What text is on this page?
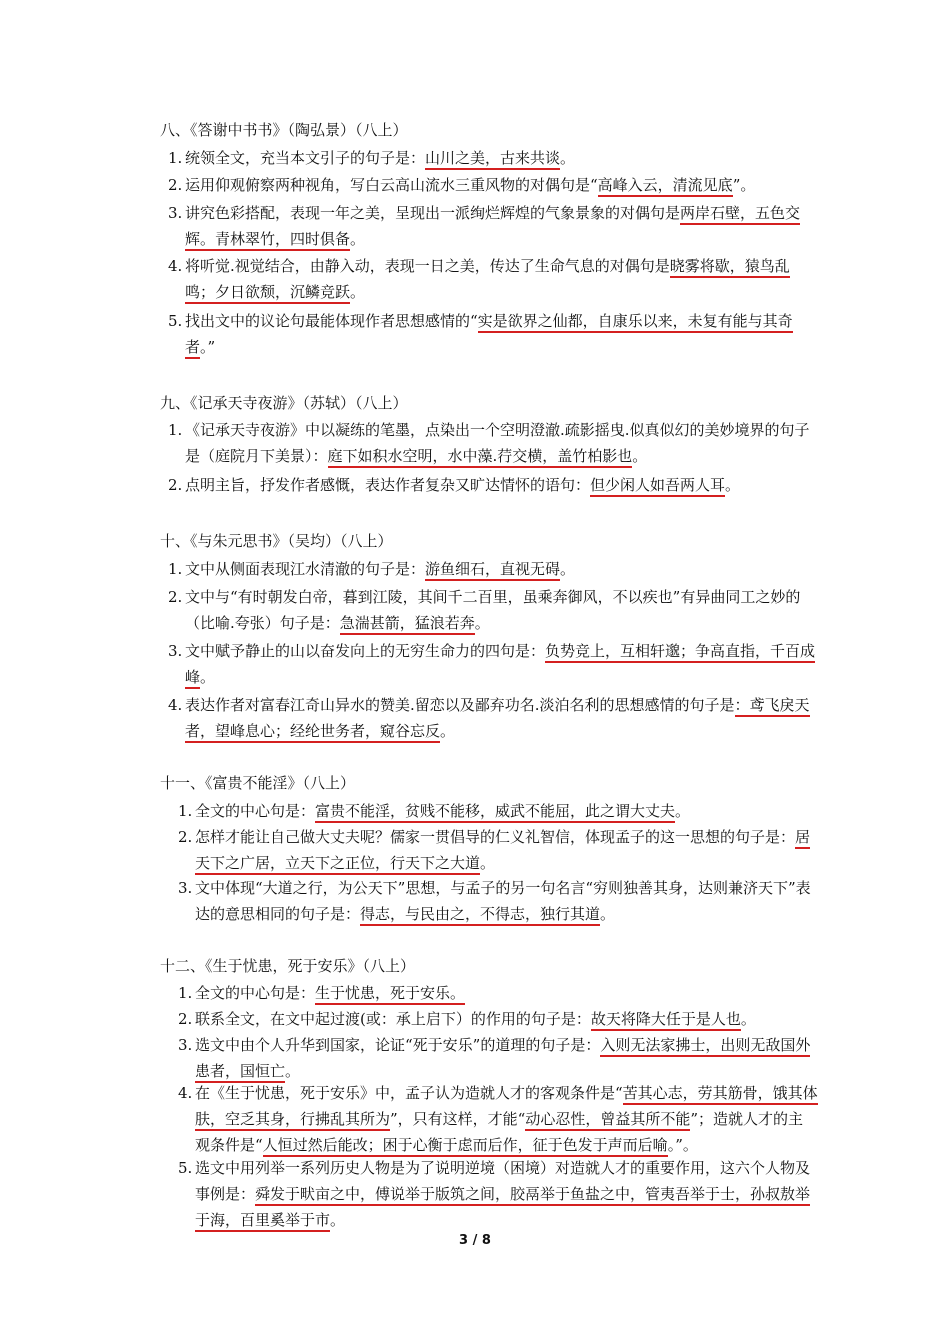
八、《答谢中书书》（陶弘景）（八上）
1. 统领全文，充当本文引子的句子是：山川之美，古来共谈。
2. 运用仰观俯察两种视角，写白云高山流水三重风物的对偶句是“高峰入云，清流见底”。
3. 讲究色彩搭配，表现一年之美，呈现出一派绚烂辉煌的气象景象的对偶句是两岸石壁，五色交辉。青林翠竹，四时俱备。
4. 将听觉.视觉结合，由静入动，表现一日之美，传达了生命气息的对偶句是晓雾将歇，猿鸟乱鸣；夕日欲颓，沉鳞竞跃。
5. 找出文中的议论句最能体现作者思想感情的“实是欲界之仙都，自康乐以来，未复有能与其奇者。”
九、《记承天寺夜游》（苏轼）（八上）
1. 《记承天寺夜游》中以凝练的笔墨，点染出一个空明澄澈.疏影摇曳.似真似幻的美妙境界的句子是（庭院月下美景）：庭下如积水空明，水中藻.荇交横，盖竹柏影也。
2. 点明主旨，抒发作者感慨，表达作者复杂又旷达情怀的语句：但少闲人如吾两人耳。
十、《与朱元思书》（吴均）（八上）
1. 文中从侧面表现江水清澈的句子是：游鱼细石，直视无碍。
2. 文中与“有时朝发白帝，暮到江陵，其间千二百里，虽乘奔御风，不以疾也”有异曲同工之妙的（比喻.夸张）句子是：急湍甚箭，猛浪若奔。
3. 文中赋予静止的山以奋发向上的无穷生命力的四句是：负势竞上，互相轩邈；争高直指，千百成峰。
4. 表达作者对富春江奇山异水的赞美.留恋以及鄙弃功名.淡泊名利的思想感情的句子是：鸢飞戾天者，望峰息心；经纶世务者，窥谷忘反。
十一、《富贵不能淫》（八上）
1. 全文的中心句是：富贵不能淫，贫贱不能移，威武不能屈，此之谓大丈夫。
2. 怎样才能让自己做大丈夫呢？儒家一贯倡导的仁义礼智信，体现孟子的这一思想的句子是：居天下之广居，立天下之正位，行天下之大道。
3. 文中体现“大道之行，为公天下”思想，与孟子的另一句名言“穷则独善其身，达则兼济天下”表达的意思相同的句子是：得志，与民由之，不得志，独行其道。
十二、《生于忧患，死于安乐》（八上）
1. 全文的中心句是：生于忧患，死于安乐。
2. 联系全文，在文中起过渡(或：承上启下）的作用的句子是：故天将降大任于是人也。
3. 选文中由个人升华到国家，论证“死于安乐”的道理的句子是：入则无法家拂士，出则无敌国外患者，国恒亡。
4. 在《生于忧患，死于安乐》中，孟子认为造就人才的客观条件是“苦其心志，劳其筋骨，饿其体肤，空乏其身，行拂乱其所为”，只有这样，才能“动心忍性，曾益其所不能”；造就人才的主观条件是“人恒过然后能改；困于心衡于虑而后作，征于色发于声而后喻。”。
5. 选文中用列举一系列历史人物是为了说明逆境（困境）对造就人才的重要作用，这六个人物及事例是：舜发于畎亩之中，傅说举于版筑之间，胶鬲举于鱼盐之中，管夷吾举于士，孙叔敖举于海，百里奚举于市。
3 / 8
